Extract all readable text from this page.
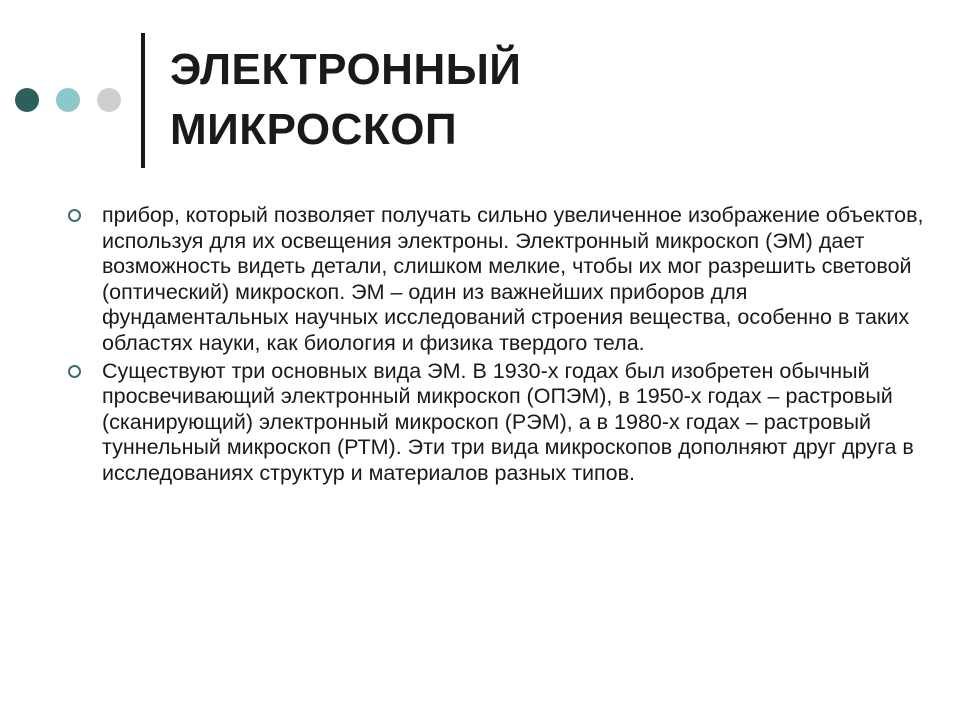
ЭЛЕКТРОННЫЙ
МИКРОСКОП
прибор, который позволяет получать сильно увеличенное изображение объектов, используя для их освещения электроны. Электронный микроскоп (ЭМ) дает возможность видеть детали, слишком мелкие, чтобы их мог разрешить световой (оптический) микроскоп. ЭМ – один из важнейших приборов для фундаментальных научных исследований строения вещества, особенно в таких областях науки, как биология и физика твердого тела.
Существуют три основных вида ЭМ. В 1930-х годах был изобретен обычный просвечивающий электронный микроскоп (ОПЭМ), в 1950-х годах – растровый (сканирующий) электронный микроскоп (РЭМ), а в 1980-х годах – растровый туннельный микроскоп (РТМ). Эти три вида микроскопов дополняют друг друга в исследованиях структур и материалов разных типов.
